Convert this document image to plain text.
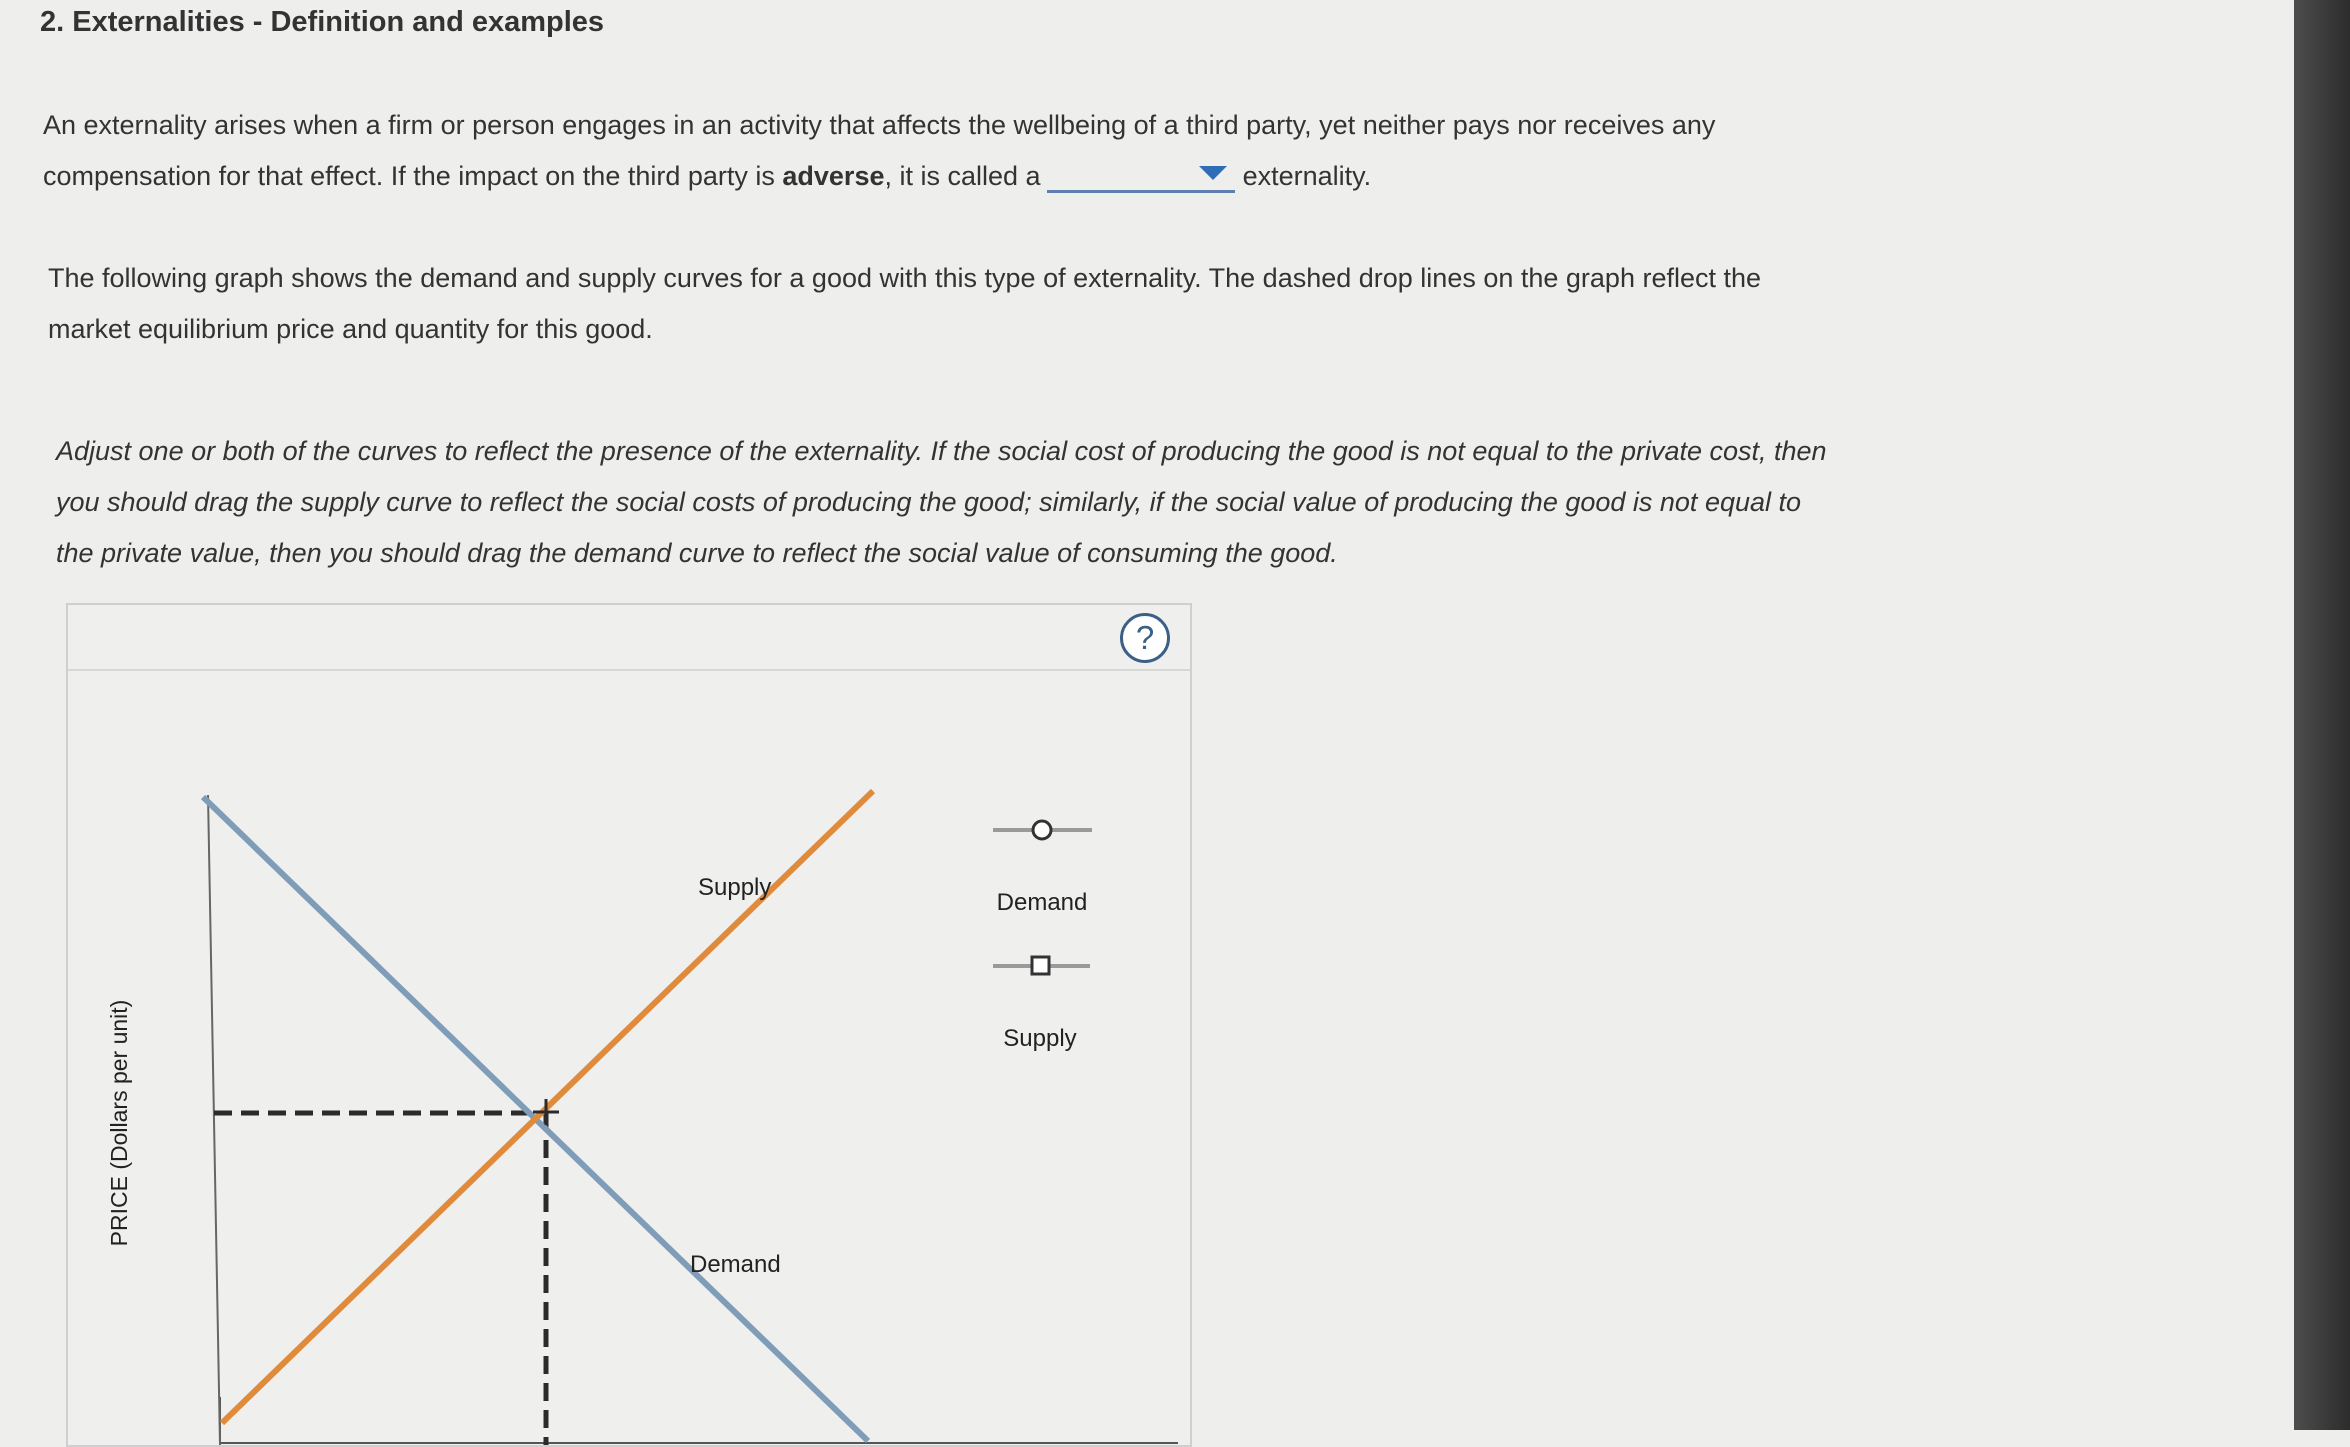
2. Externalities - Definition and examples
An externality arises when a firm or person engages in an activity that affects the wellbeing of a third party, yet neither pays nor receives any
compensation for that effect. If the impact on the third party is adverse, it is called a	externality.
The following graph shows the demand and supply curves for a good with this type of externality. The dashed drop lines on the graph reflect the
market equilibrium price and quantity for this good.
Adjust one or both of the curves to reflect the presence of the externality. If the social cost of producing the good is not equal to the private cost, then
you should drag the supply curve to reflect the social costs of producing the good; similarly, if the social value of producing the good is not equal to
the private value, then you should drag the demand curve to reflect the social value of consuming the good.
?
PRICE (Dollars per unit)
Supply
Demand
Demand
Supply
